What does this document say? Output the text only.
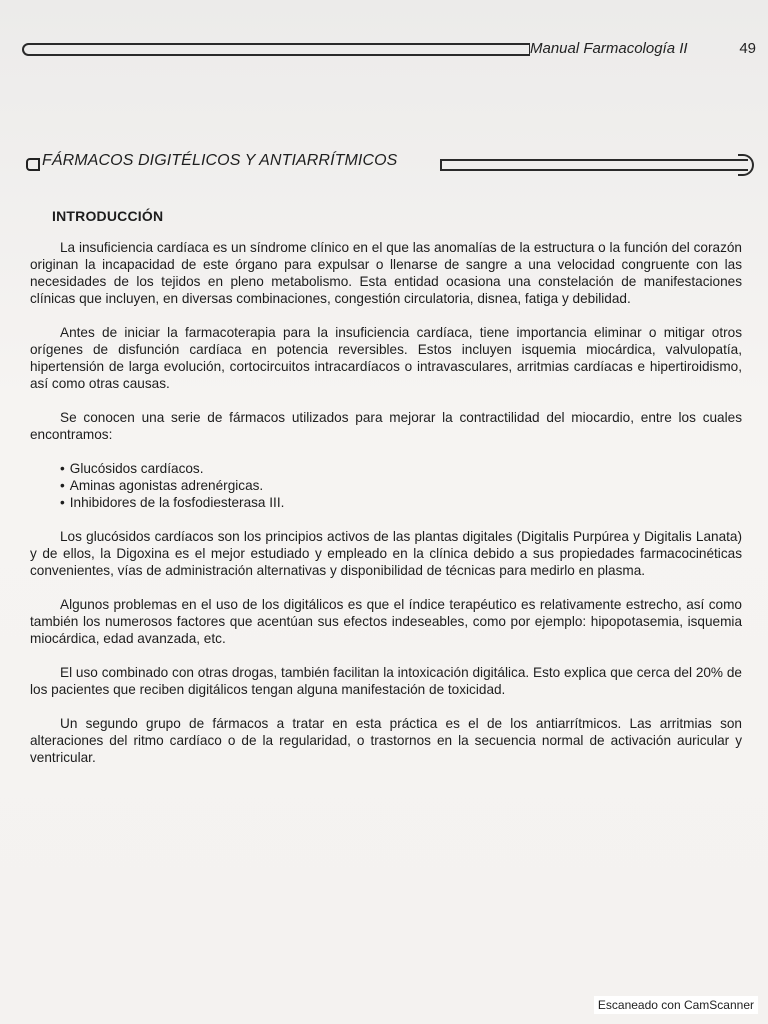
Manual Farmacología II	49
FÁRMACOS DIGITÉLICOS Y ANTIARRÍTMICOS
INTRODUCCIÓN

La insuficiencia cardíaca es un síndrome clínico en el que las anomalías de la estructura o la función del corazón originan la incapacidad de este órgano para expulsar o llenarse de sangre a una velocidad congruente con las necesidades de los tejidos en pleno metabolismo. Esta entidad ocasiona una constelación de manifestaciones clínicas que incluyen, en diversas combinaciones, congestión circulatoria, disnea, fatiga y debilidad.

Antes de iniciar la farmacoterapia para la insuficiencia cardíaca, tiene importancia eliminar o mitigar otros orígenes de disfunción cardíaca en potencia reversibles. Estos incluyen isquemia miocárdica, valvulopatía, hipertensión de larga evolución, cortocircuitos intracardíacos o intravasculares, arritmias cardíacas e hipertiroidismo, así como otras causas.

Se conocen una serie de fármacos utilizados para mejorar la contractilidad del miocardio, entre los cuales encontramos:

• Glucósidos cardíacos.
• Aminas agonistas adrenérgicas.
• Inhibidores de la fosfodiesterasa III.

Los glucósidos cardíacos son los principios activos de las plantas digitales (Digitalis Purpúrea y Digitalis Lanata) y de ellos, la Digoxina es el mejor estudiado y empleado en la clínica debido a sus propiedades farmacocinéticas convenientes, vías de administración alternativas y disponibilidad de técnicas para medirlo en plasma.

Algunos problemas en el uso de los digitálicos es que el índice terapéutico es relativamente estrecho, así como también los numerosos factores que acentúan sus efectos indeseables, como por ejemplo: hipopotasemia, isquemia miocárdica, edad avanzada, etc.

El uso combinado con otras drogas, también facilitan la intoxicación digitálica. Esto explica que cerca del 20% de los pacientes que reciben digitálicos tengan alguna manifestación de toxicidad.

Un segundo grupo de fármacos a tratar en esta práctica es el de los antiarrítmicos. Las arritmias son alteraciones del ritmo cardíaco o de la regularidad, o trastornos en la secuencia normal de activación auricular y ventricular.

Escaneado con CamScanner
